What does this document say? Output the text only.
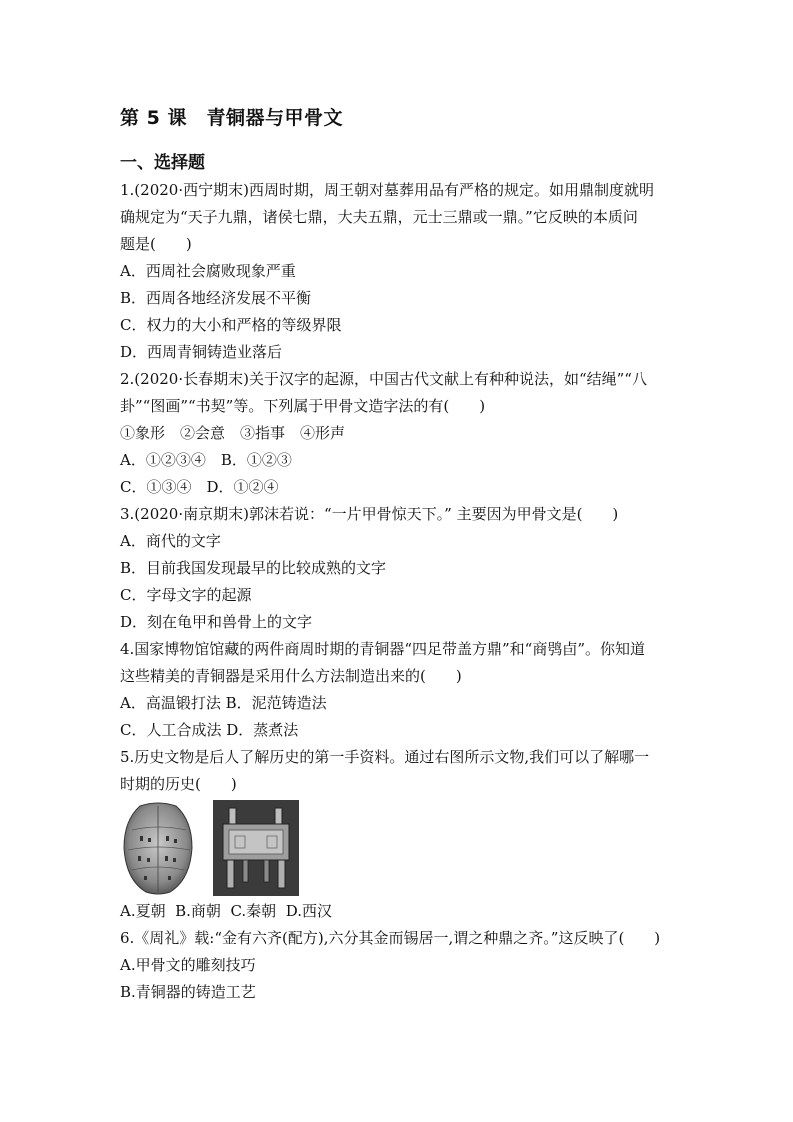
第 5 课　青铜器与甲骨文
一、选择题
1.(2020·西宁期末)西周时期，周王朝对墓葬用品有严格的规定。如用鼎制度就明
确规定为“天子九鼎，诸侯七鼎，大夫五鼎，元士三鼎或一鼎。”它反映的本质问
题是(　　)
A．西周社会腐败现象严重
B．西周各地经济发展不平衡
C．权力的大小和严格的等级界限
D．西周青铜铸造业落后
2.(2020·长春期末)关于汉字的起源，中国古代文献上有种种说法，如“结绳”“八
卦”“图画”“书契”等。下列属于甲骨文造字法的有(　　)
①象形　②会意　③指事　④形声
A．①②③④　B．①②③
C．①③④　D．①②④
3.(2020·南京期末)郭沫若说：“一片甲骨惊天下。” 主要因为甲骨文是(　　)
A．商代的文字
B．目前我国发现最早的比较成熟的文字
C．字母文字的起源
D．刻在龟甲和兽骨上的文字
4.国家博物馆馆藏的两件商周时期的青铜器“四足带盖方鼎”和“商鸮卣”。你知道
这些精美的青铜器是采用什么方法制造出来的(　　)
A．高温锻打法 B．泥范铸造法
C．人工合成法 D．蒸煮法
5.历史文物是后人了解历史的第一手资料。通过右图所示文物,我们可以了解哪一
时期的历史(　　)
A.夏朝  B.商朝  C.秦朝  D.西汉
6.《周礼》载:“金有六齐(配方),六分其金而锡居一,谓之种鼎之齐。”这反映了(　　)
A.甲骨文的雕刻技巧
B.青铜器的铸造工艺
